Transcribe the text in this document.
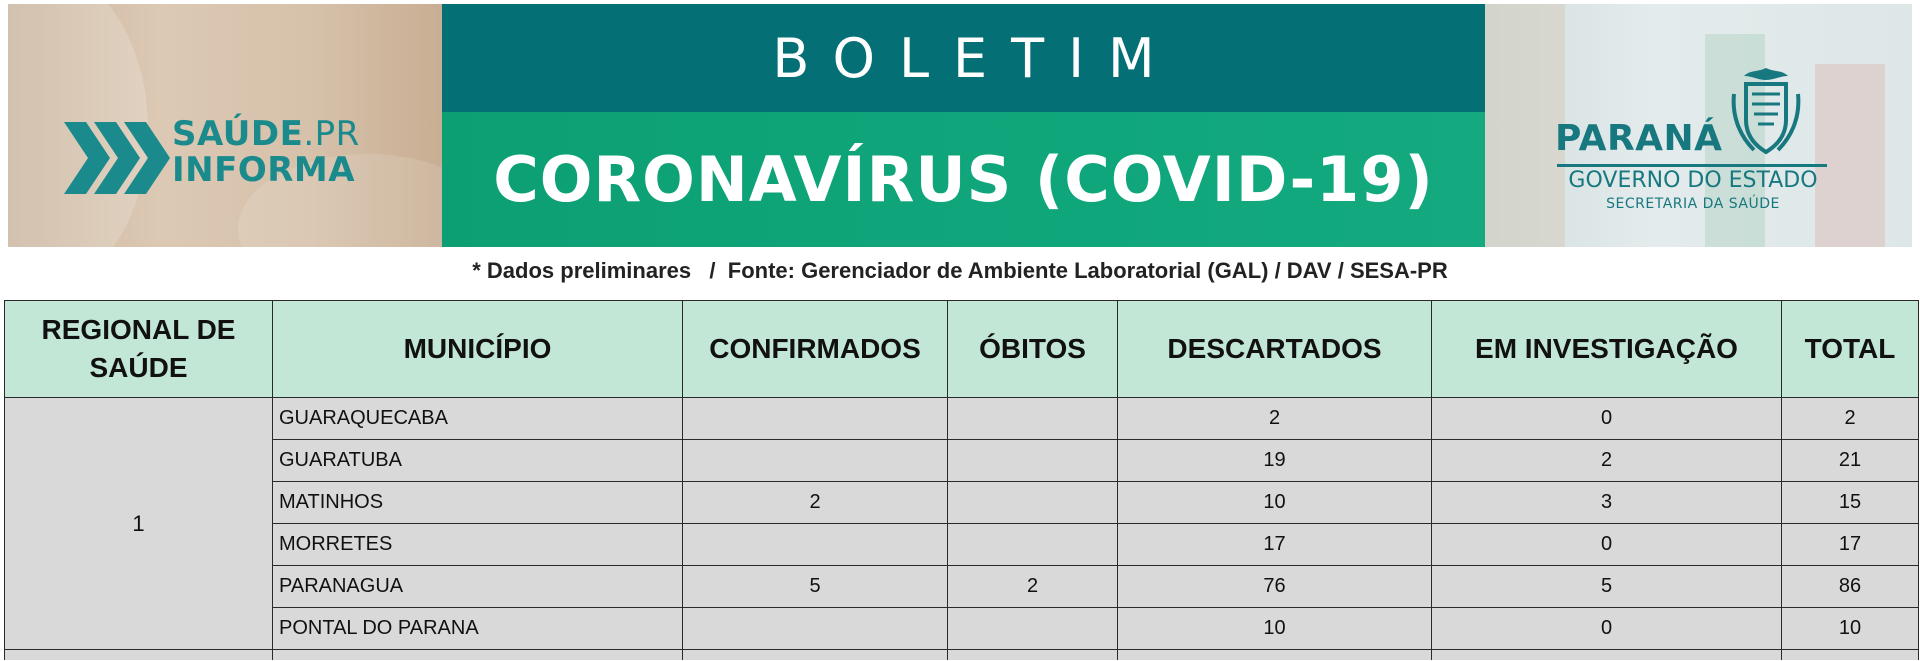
SAÚDE.PR
INFORMA
BOLETIM
CORONAVÍRUS (COVID-19)
PARANÁ
GOVERNO DO ESTADO
SECRETARIA DA SAÚDE
* Dados preliminares   /  Fonte: Gerenciador de Ambiente Laboratorial (GAL) / DAV / SESA-PR
REGIONAL DE SAÚDE	MUNICÍPIO	CONFIRMADOS	ÓBITOS	DESCARTADOS	EM INVESTIGAÇÃO	TOTAL
1	GUARAQUECABA			2	0	2
	GUARATUBA			19	2	21
	MATINHOS	2		10	3	15
	MORRETES			17	0	17
	PARANAGUA	5	2	76	5	86
	PONTAL DO PARANA			10	0	10
